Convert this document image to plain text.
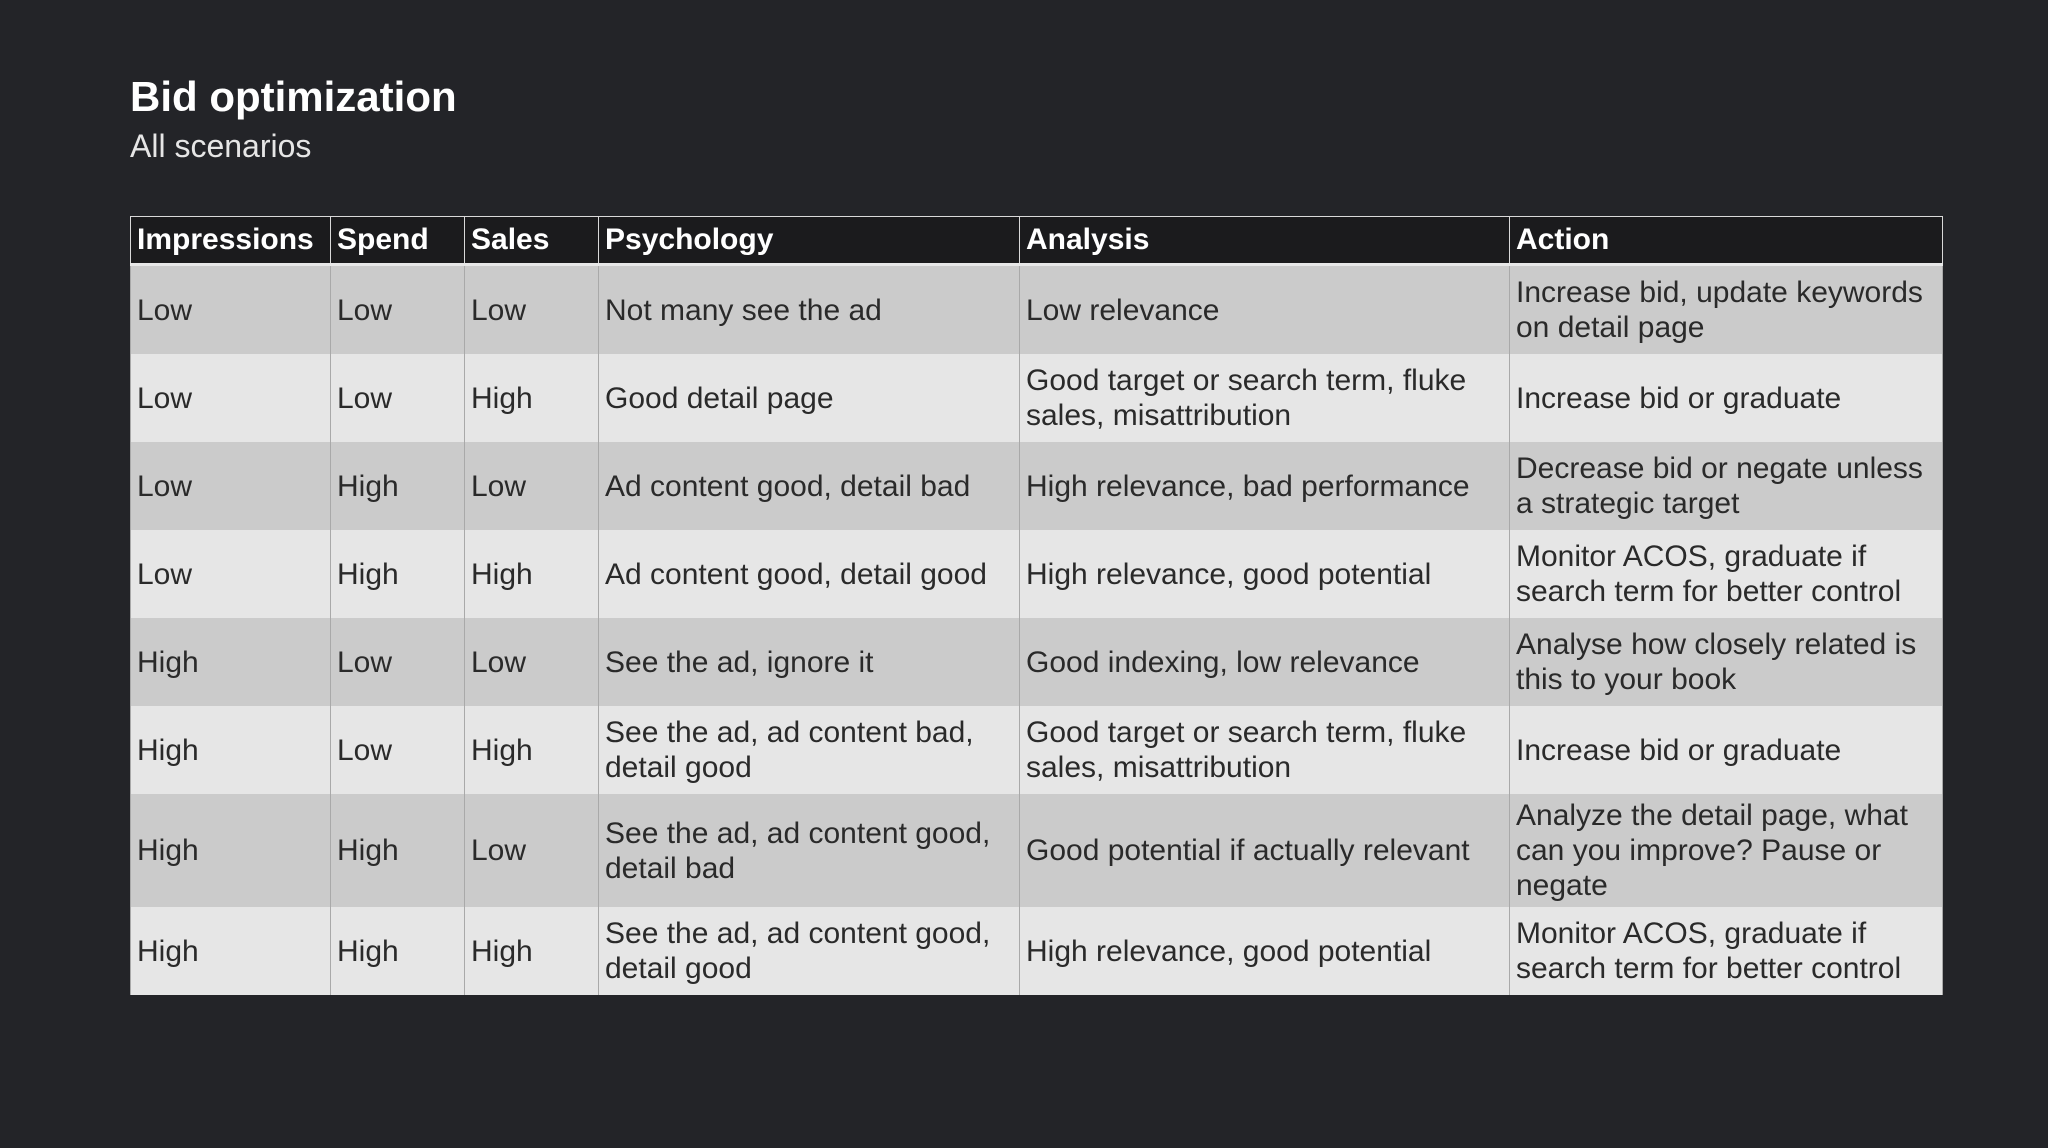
Bid optimization
All scenarios
Impressions	Spend	Sales	Psychology	Analysis	Action
Low	Low	Low	Not many see the ad	Low relevance	Increase bid, update keywords on detail page
Low	Low	High	Good detail page	Good target or search term, fluke sales, misattribution	Increase bid or graduate
Low	High	Low	Ad content good, detail bad	High relevance, bad performance	Decrease bid or negate unless a strategic target
Low	High	High	Ad content good, detail good	High relevance, good potential	Monitor ACOS, graduate if search term for better control
High	Low	Low	See the ad, ignore it	Good indexing, low relevance	Analyse how closely related is this to your book
High	Low	High	See the ad, ad content bad, detail good	Good target or search term, fluke sales, misattribution	Increase bid or graduate
High	High	Low	See the ad, ad content good, detail bad	Good potential if actually relevant	Analyze the detail page, what can you improve? Pause or negate
High	High	High	See the ad, ad content good, detail good	High relevance, good potential	Monitor ACOS, graduate if search term for better control
